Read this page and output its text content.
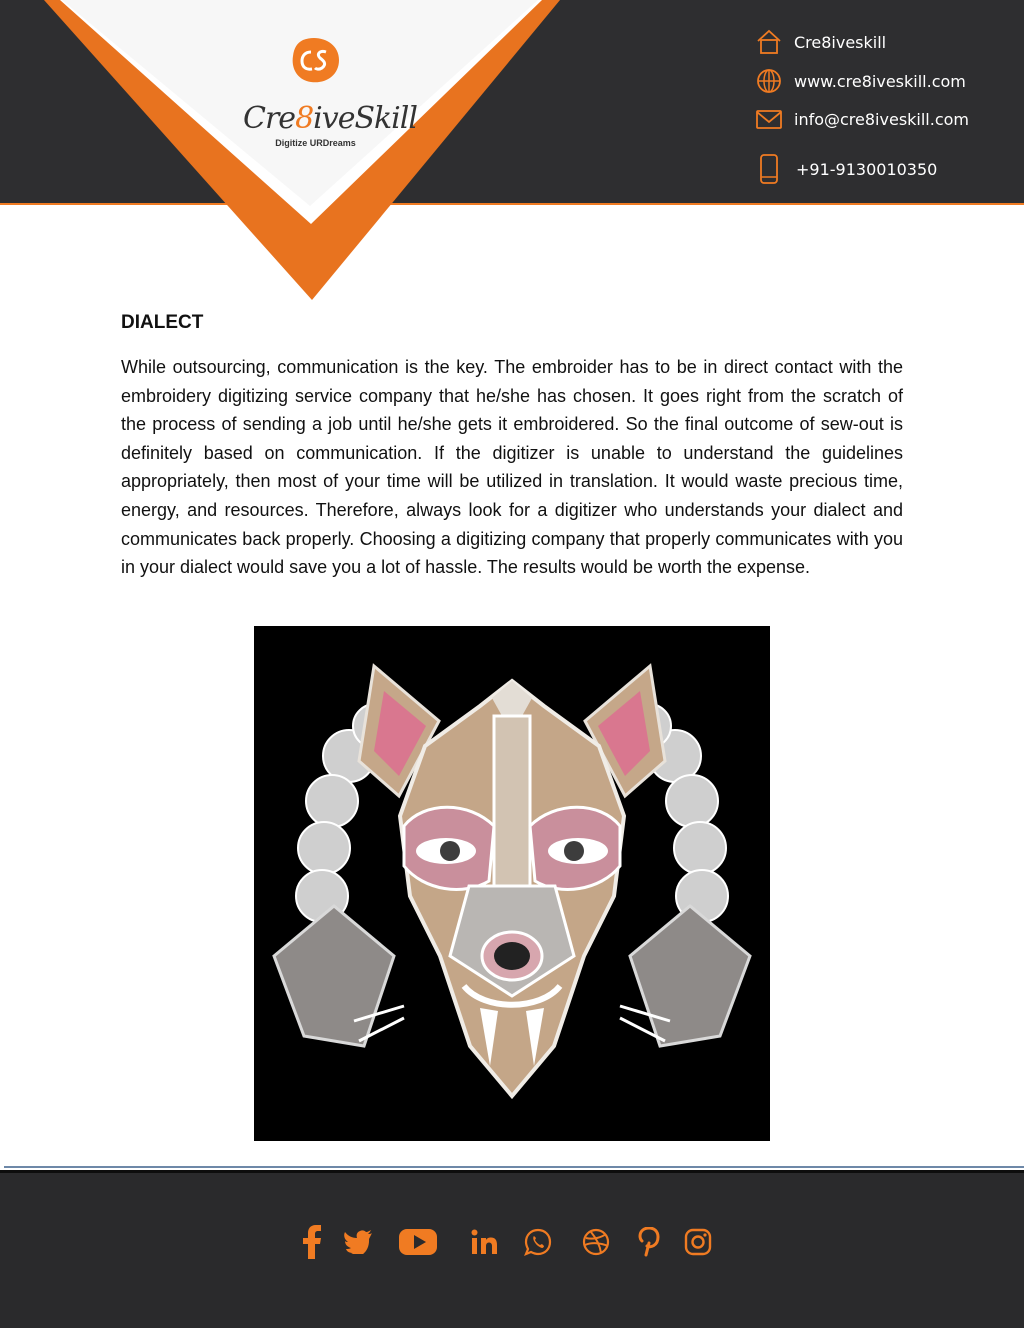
Cre8iveSkill
Digitize URDreams
Cre8iveskill
www.cre8iveskill.com
info@cre8iveskill.com
+91-9130010350
DIALECT

While outsourcing, communication is the key. The embroider has to be in direct contact with the embroidery digitizing service company that he/she has chosen. It goes right from the scratch of the process of sending a job until he/she gets it embroidered. So the final outcome of sew-out is definitely based on communication. If the digitizer is unable to understand the guidelines appropriately, then most of your time will be utilized in translation. It would waste precious time, energy, and resources. Therefore, always look for a digitizer who understands your dialect and communicates back properly. Choosing a digitizing company that properly communicates with you in your dialect would save you a lot of hassle. The results would be worth the expense.
